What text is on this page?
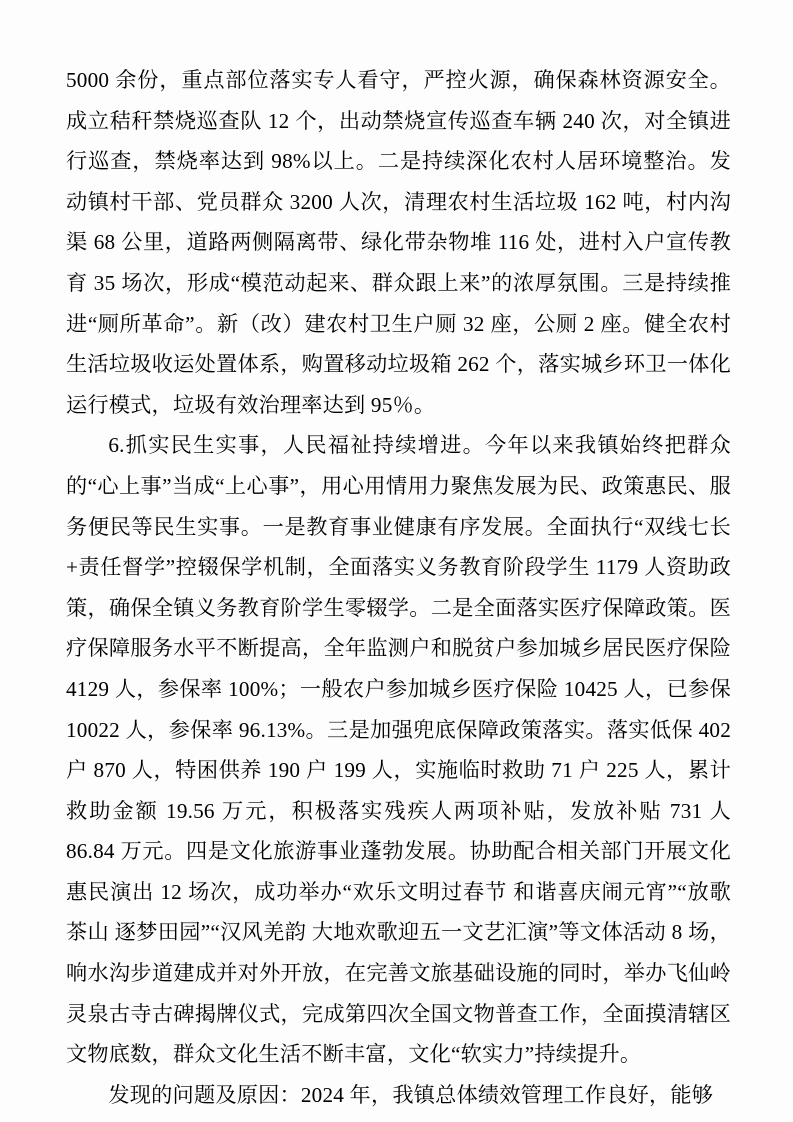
5000 余份，重点部位落实专人看守，严控火源，确保森林资源安全。成立秸秆禁烧巡查队 12 个，出动禁烧宣传巡查车辆 240 次，对全镇进行巡查，禁烧率达到 98%以上。二是持续深化农村人居环境整治。发动镇村干部、党员群众 3200 人次，清理农村生活垃圾 162 吨，村内沟渠 68 公里，道路两侧隔离带、绿化带杂物堆 116 处，进村入户宣传教育 35 场次，形成“模范动起来、群众跟上来”的浓厚氛围。三是持续推进“厕所革命”。新（改）建农村卫生户厕 32 座，公厕 2 座。健全农村生活垃圾收运处置体系，购置移动垃圾箱 262 个，落实城乡环卫一体化运行模式，垃圾有效治理率达到 95％。

6.抓实民生实事，人民福祉持续增进。今年以来我镇始终把群众的“心上事”当成“上心事”，用心用情用力聚焦发展为民、政策惠民、服务便民等民生实事。一是教育事业健康有序发展。全面执行“双线七长+责任督学”控辍保学机制，全面落实义务教育阶段学生 1179 人资助政策，确保全镇义务教育阶学生零辍学。二是全面落实医疗保障政策。医疗保障服务水平不断提高，全年监测户和脱贫户参加城乡居民医疗保险 4129 人，参保率 100%；一般农户参加城乡医疗保险 10425 人，已参保 10022 人，参保率 96.13%。三是加强兜底保障政策落实。落实低保 402 户 870 人，特困供养 190 户 199 人，实施临时救助 71 户 225 人，累计救助金额 19.56 万元，积极落实残疾人两项补贴，发放补贴 731 人 86.84 万元。四是文化旅游事业蓬勃发展。协助配合相关部门开展文化惠民演出 12 场次，成功举办“欢乐文明过春节 和谐喜庆闹元宵”“放歌茶山 逐梦田园”“汉风羌韵 大地欢歌迎五一文艺汇演”等文体活动 8 场，响水沟步道建成并对外开放，在完善文旅基础设施的同时，举办飞仙岭灵泉古寺古碑揭牌仪式，完成第四次全国文物普查工作，全面摸清辖区文物底数，群众文化生活不断丰富，文化“软实力”持续提升。

发现的问题及原因：2024 年，我镇总体绩效管理工作良好，能够
